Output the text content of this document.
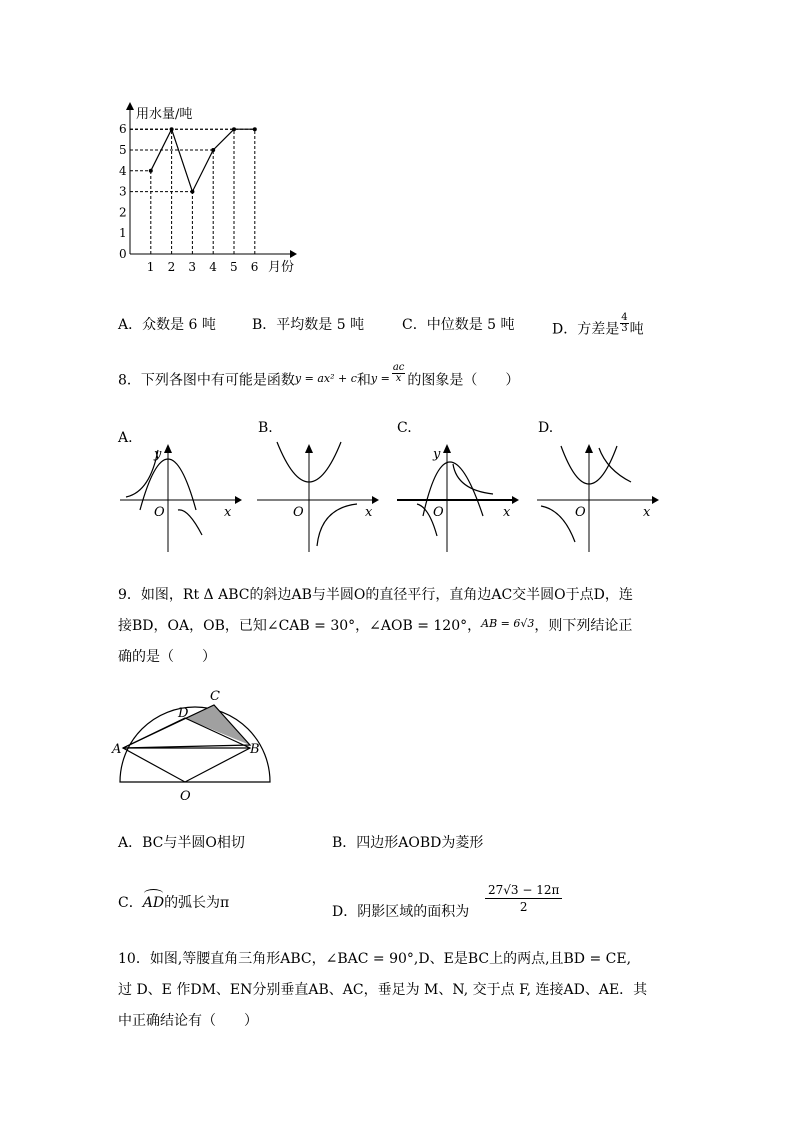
用水量/吨
月份
1 2 3 4 5 6
0
1
2
3
4
5
6
A．众数是 6 吨	B．平均数是 5 吨	C．中位数是 5 吨	D．方差是 $\frac{4}{3}$ 吨
8．下列各图中有可能是函数$^{y = ax^2 + c}$和$^{y =} \frac{ac}{x}$ 的图象是（　　）
A.
B.	C.	D.
y
x
O	O	x
y
O	x	O	x
9．如图，Rt Δ ABC的斜边AB与半圆O的直径平行，直角边AC交半圆O于点D，连
接BD，OA，OB，已知∠CAB = 30°，∠AOB = 120°，$^{AB = 6√3}$，则下列结论正
确的是（　　）
C
D
A	B
O
A．BC与半圆O相切	B．四边形AOBD为菱形
C．
AD的弧长为π
D．阴影区域的面积为 $\frac{27√3 - 12\pi}{2}$
10．如图,等腰直角三角形ABC，∠BAC = 90°,D、E是BC上的两点,且BD = CE,
过 D、E 作DM、EN分别垂直AB、AC，垂足为 M、N, 交于点 F, 连接AD、AE．其
中正确结论有（　　）
